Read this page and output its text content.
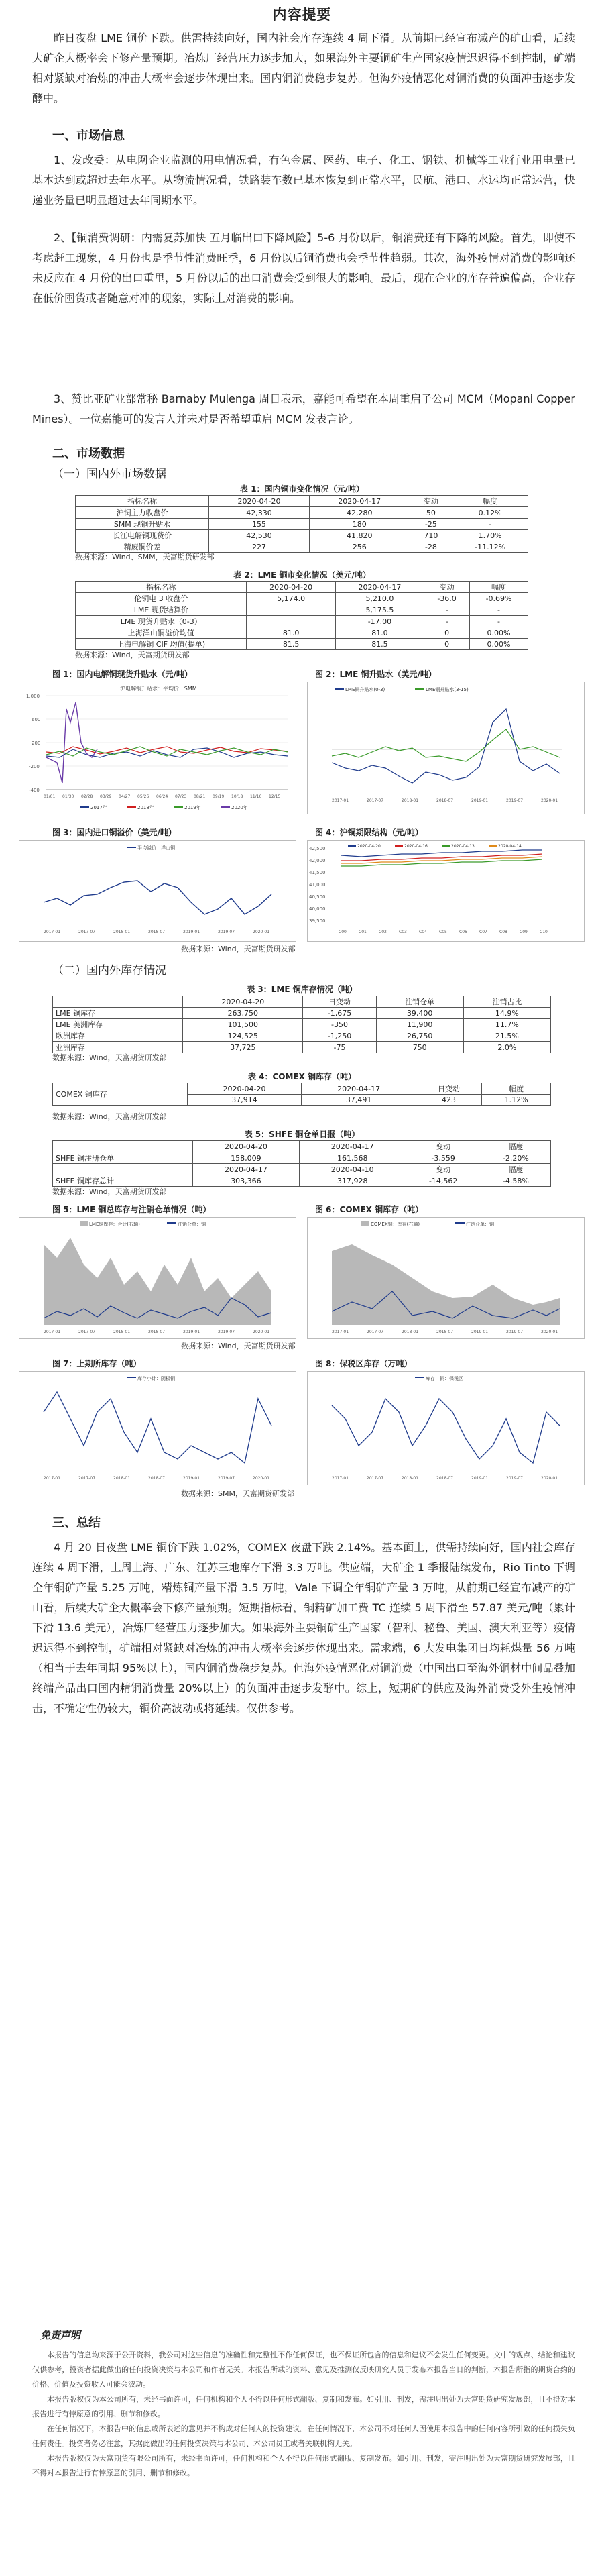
内容提要

昨日夜盘 LME 铜价下跌。供需持续向好，国内社会库存连续 4 周下滑。从前期已经宣布减产的矿山看，后续大矿企大概率会下修产量预期。冶炼厂经营压力逐步加大，如果海外主要铜矿生产国家疫情迟迟得不到控制，矿端相对紧缺对冶炼的冲击大概率会逐步体现出来。国内铜消费稳步复苏。但海外疫情恶化对铜消费的负面冲击逐步发酵中。

一、市场信息

1、发改委：从电网企业监测的用电情况看，有色金属、医药、电子、化工、钢铁、机械等工业行业用电量已基本达到或超过去年水平。从物流情况看，铁路装车数已基本恢复到正常水平，民航、港口、水运均正常运营，快递业务量已明显超过去年同期水平。

2、【铜消费调研：内需复苏加快 五月临出口下降风险】5-6 月份以后，铜消费还有下降的风险。首先，即使不考虑赶工现象，4 月份也是季节性消费旺季，6 月份以后铜消费也会季节性趋弱。其次，海外疫情对消费的影响还未反应在 4 月份的出口重里，5 月份以后的出口消费会受到很大的影响。最后，现在企业的库存普遍偏高，企业存在低价囤货或者随意对冲的现象，实际上对消费的影响。

3、赞比亚矿业部常秘 Barnaby Mulenga 周日表示，嘉能可希望在本周重启子公司 MCM（Mopani Copper Mines）。一位嘉能可的发言人并未对是否希望重启 MCM 发表言论。

二、市场数据
（一）国内外市场数据
表 1：国内铜市变化情况（元/吨）
指标名称	2020-04-20	2020-04-17	变动	幅度
沪铜主力收盘价	42,330	42,280	50	0.12%
SMM 现铜升贴水	155	180	-25	-
长江电解铜现货价	42,530	41,820	710	1.70%
精废铜价差	227	256	-28	-11.12%
数据来源：Wind、SMM，天富期货研发部
表 2：LME 铜市变化情况（美元/吨）
指标名称	2020-04-20	2020-04-17	变动	幅度
伦铜电 3 收盘价	5,174.0	5,210.0	-36.0	-0.69%
LME 现货结算价		5,175.5	-	-
LME 现货升贴水（0-3）		-17.00	-	-
上海洋山铜溢价均值	81.0	81.0	0	0.00%
上海电解铜 CIF 均值(提单)	81.5	81.5	0	0.00%
数据来源：Wind，天富期货研发部
图 1：国内电解铜现货升贴水（元/吨）	图 2：LME 铜升贴水（美元/吨）
沪电解铜升贴水：平均价 : SMM
1,000
600
200
-200
-400
01/01 01/30 02/28 03/29 04/27 05/26 06/24 07/23 08/21 09/19 10/18 11/16 12/15
2017年	2018年	2019年	2020年
LME铜升贴水(0-3)	LME铜升贴水(3-15)
2017-01	2017-07	2018-01	2018-07	2019-01	2019-07	2020-01
图 3：国内进口铜溢价（美元/吨）	图 4：沪铜期限结构（元/吨）
平均溢价：洋山铜
2017-01	2017-07	2018-01	2018-07	2019-01	2019-07	2020-01
42,500
42,000
41,500
41,000
40,500
40,000
39,500
2020-04-20	2020-04-16	2020-04-13	2020-04-14
C00	C01	C02	C03	C04	C05	C06	C07	C08	C09	C10
数据来源：Wind，天富期货研发部
（二）国内外库存情况
表 3：LME 铜库存情况（吨）
	2020-04-20	日变动	注销仓单	注销占比
LME 铜库存	263,750	-1,675	39,400	14.9%
LME 美洲库存	101,500	-350	11,900	11.7%
欧洲库存	124,525	-1,250	26,750	21.5%
亚洲库存	37,725	-75	750	2.0%
数据来源：Wind，天富期货研发部
表 4：COMEX 铜库存（吨）
COMEX 铜库存	2020-04-20	2020-04-17	日变动	幅度
	37,914	37,491	423	1.12%
数据来源：Wind，天富期货研发部
表 5：SHFE 铜仓单日报（吨）
	2020-04-20	2020-04-17	变动	幅度
SHFE 铜注册仓单	158,009	161,568	-3,559	-2.20%
	2020-04-17	2020-04-10	变动	幅度
SHFE 铜库存总计	303,366	317,928	-14,562	-4.58%
数据来源：Wind，天富期货研发部
图 5：LME 铜总库存与注销仓单情况（吨）	图 6：COMEX 铜库存（吨）
LME铜库存：合计(右轴)	注销仓单：铜
2017-01	2017-07	2018-01	2018-07	2019-01	2019-07	2020-01
COMEX铜：库存(右轴)	注销仓单：铜
2017-01	2017-07	2018-01	2018-07	2019-01	2019-07	2020-01
数据来源：Wind，天富期货研发部
图 7：上期所库存（吨）	图 8：保税区库存（万吨）
库存小计：阴极铜
2017-01	2017-07	2018-01	2018-07	2019-01	2019-07	2020-01
库存：铜：保税区
2017-01	2017-07	2018-01	2018-07	2019-01	2019-07	2020-01
数据来源：SMM，天富期货研发部
三、总结

4 月 20 日夜盘 LME 铜价下跌 1.02%，COMEX 夜盘下跌 2.14%。基本面上，供需持续向好，国内社会库存连续 4 周下滑，上周上海、广东、江苏三地库存下滑 3.3 万吨。供应端，大矿企 1 季报陆续发布，Rio Tinto 下调全年铜矿产量 5.25 万吨，精炼铜产量下滑 3.5 万吨，Vale 下调全年铜矿产量 3 万吨，从前期已经宣布减产的矿山看，后续大矿企大概率会下修产量预期。短期指标看，铜精矿加工费 TC 连续 5 周下滑至 57.87 美元/吨（累计下滑 13.6 美元），冶炼厂经营压力逐步加大。如果海外主要铜矿生产国家（智利、秘鲁、美国、澳大利亚等）疫情迟迟得不到控制，矿端相对紧缺对冶炼的冲击大概率会逐步体现出来。需求端，6 大发电集团日均耗煤量 56 万吨（相当于去年同期 95%以上），国内铜消费稳步复苏。但海外疫情恶化对铜消费（中国出口至海外铜材中间品叠加终端产品出口国内精铜消费量 20%以上）的负面冲击逐步发酵中。综上，短期矿的供应及海外消费受外生疫情冲击，不确定性仍较大，铜价高波动或将延续。仅供参考。

免责声明

本报告的信息均来源于公开资料，我公司对这些信息的准确性和完整性不作任何保证，也不保证所包含的信息和建议不会发生任何变更。文中的观点、结论和建议仅供参考，投资者据此做出的任何投资决策与本公司和作者无关。本报告所载的资料、意见及推测仅反映研究人员于发布本报告当日的判断，本报告所指的期货合约的价格、价值及投资收入可能会波动。

本报告版权仅为本公司所有，未经书面许可，任何机构和个人不得以任何形式翻版、复制和发布。如引用、刊发，需注明出处为天富期货研究发展部，且不得对本报告进行有悖原意的引用、删节和修改。

在任何情况下，本报告中的信息或所表述的意见并不构成对任何人的投资建议。在任何情况下，本公司不对任何人因使用本报告中的任何内容所引致的任何损失负任何责任。投资者务必注意，其据此做出的任何投资决策与本公司、本公司员工或者关联机构无关。

本报告版权仅为天富期货有限公司所有，未经书面许可，任何机构和个人不得以任何形式翻版、复制发布。如引用、刊发，需注明出处为天富期货研究发展部，且不得对本报告进行有悖原意的引用、删节和修改。
